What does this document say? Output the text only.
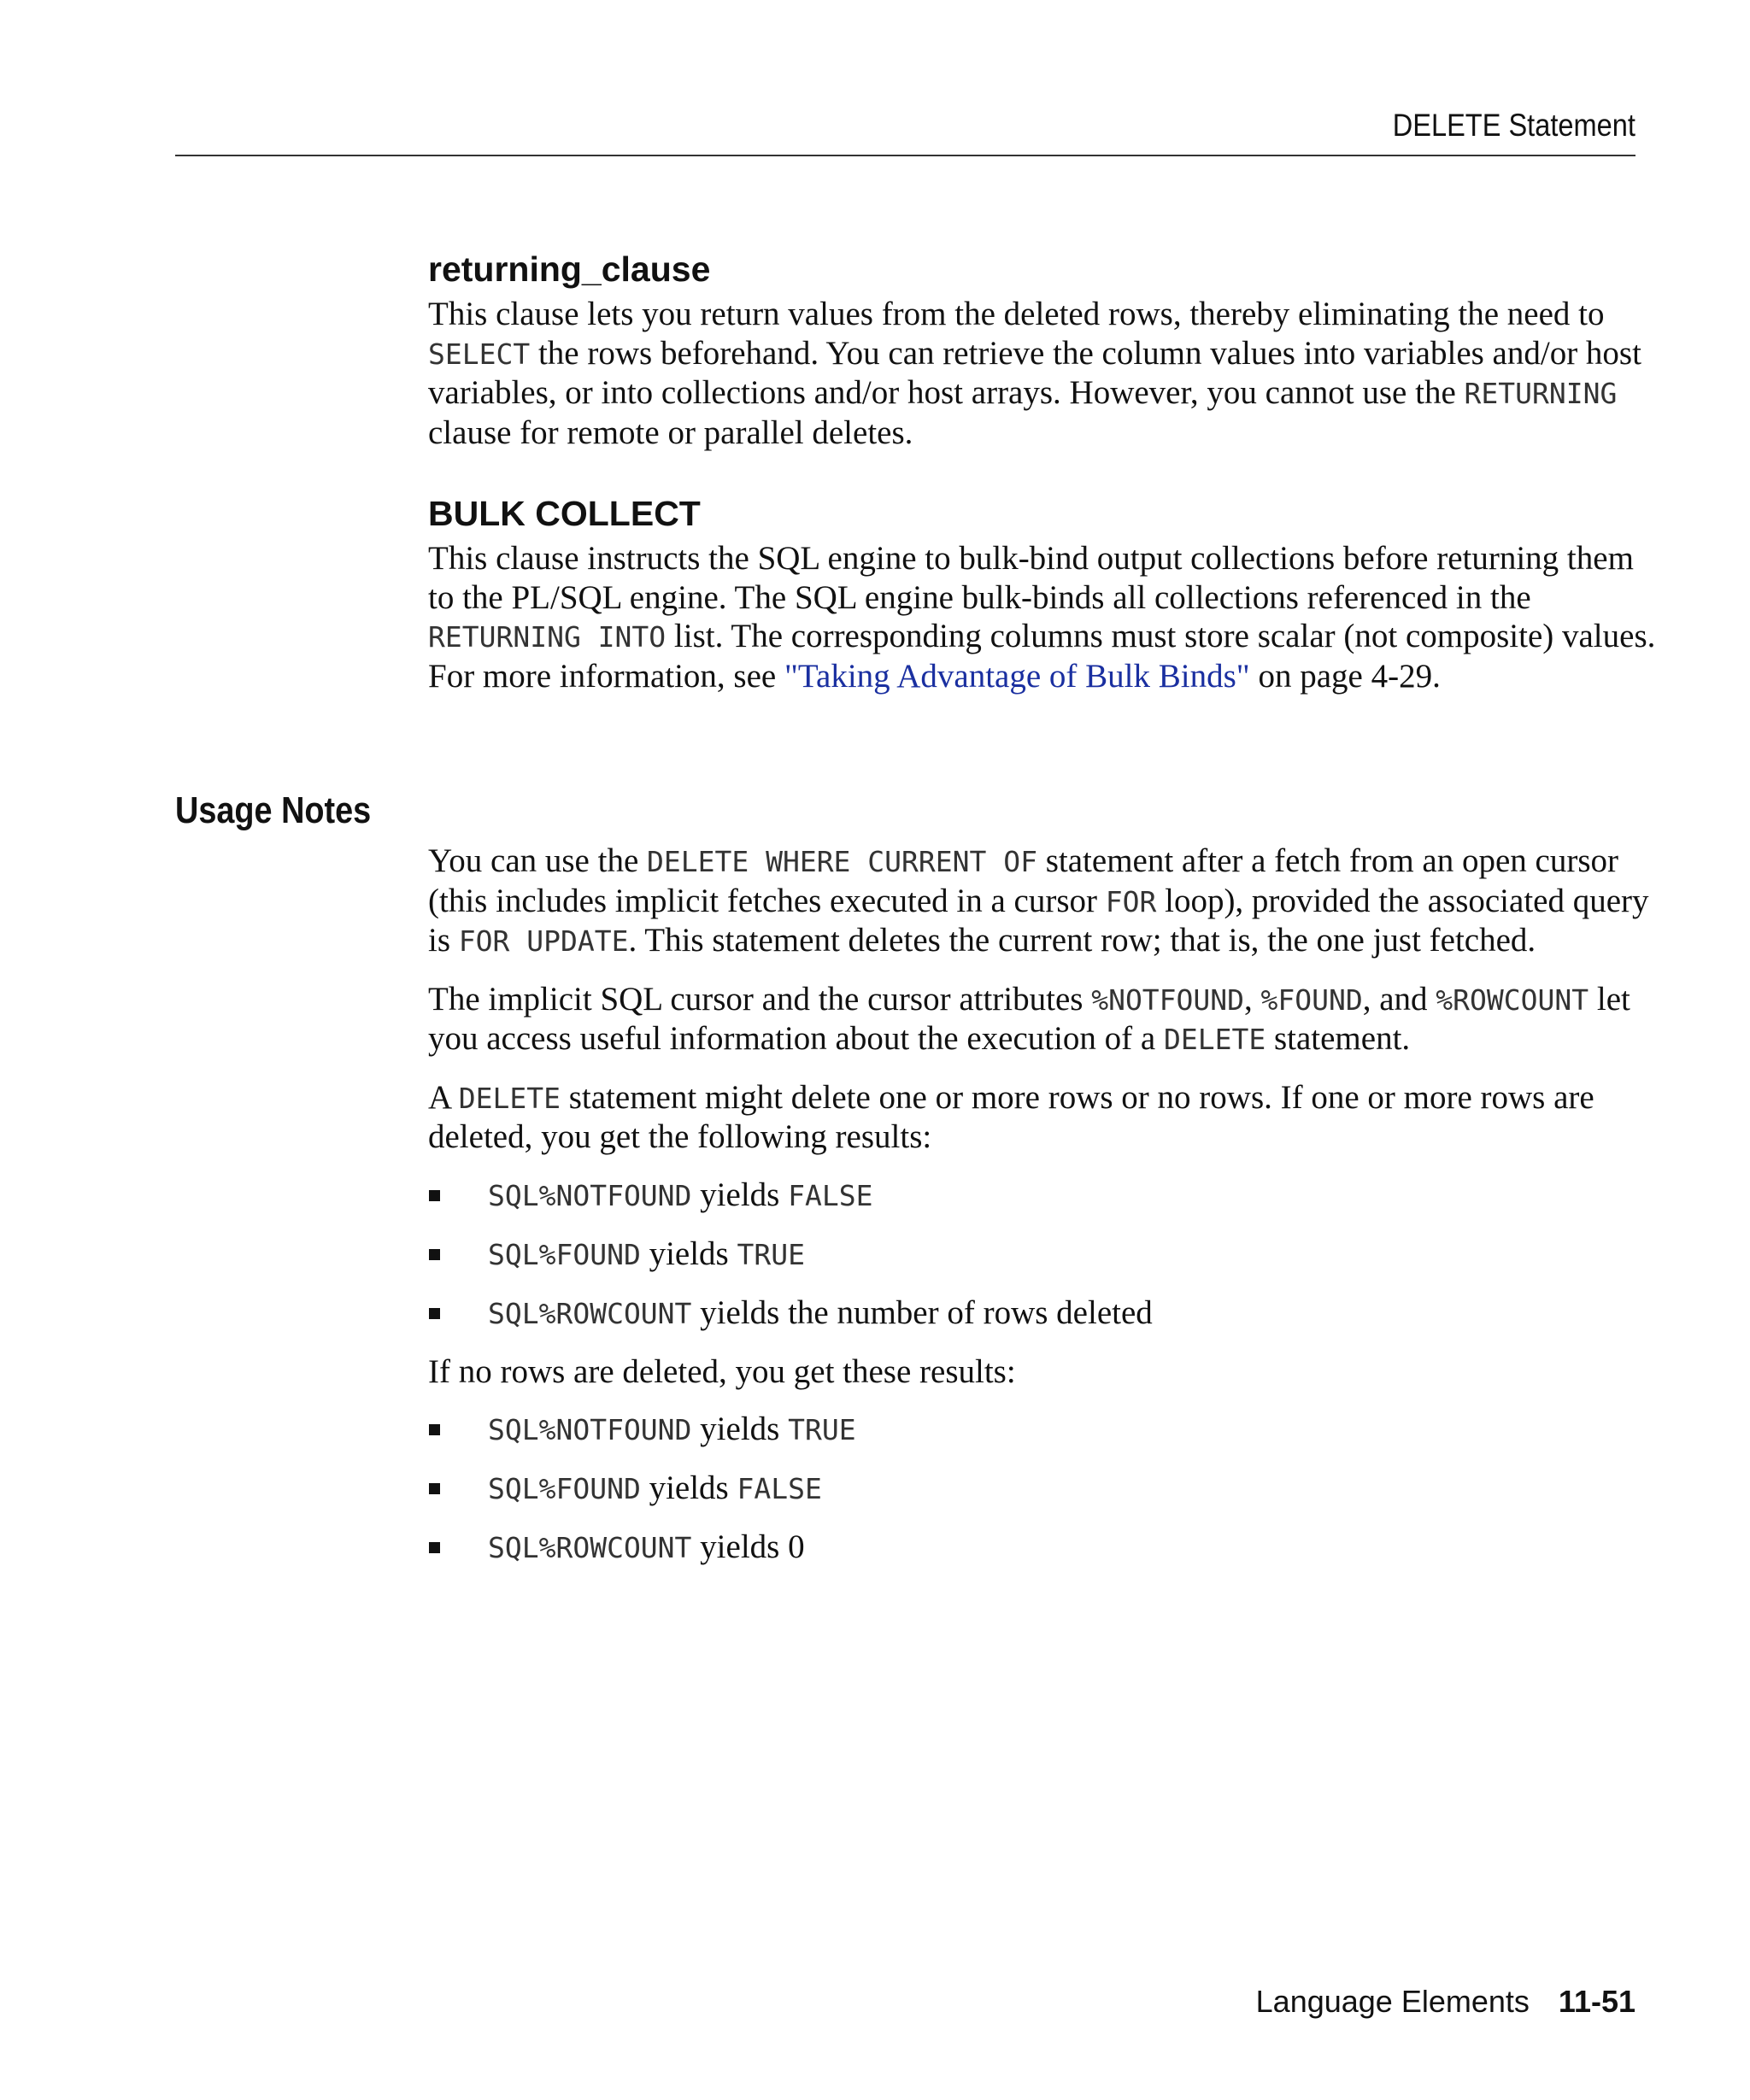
DELETE Statement
returning_clause

This clause lets you return values from the deleted rows, thereby eliminating the need to SELECT the rows beforehand. You can retrieve the column values into variables and/or host variables, or into collections and/or host arrays. However, you cannot use the RETURNING clause for remote or parallel deletes.

BULK COLLECT

This clause instructs the SQL engine to bulk-bind output collections before returning them to the PL/SQL engine. The SQL engine bulk-binds all collections referenced in the RETURNING INTO list. The corresponding columns must store scalar (not composite) values. For more information, see "Taking Advantage of Bulk Binds" on page 4-29.

Usage Notes

You can use the DELETE WHERE CURRENT OF statement after a fetch from an open cursor (this includes implicit fetches executed in a cursor FOR loop), provided the associated query is FOR UPDATE. This statement deletes the current row; that is, the one just fetched.

The implicit SQL cursor and the cursor attributes %NOTFOUND, %FOUND, and %ROWCOUNT let you access useful information about the execution of a DELETE statement.

A DELETE statement might delete one or more rows or no rows. If one or more rows are deleted, you get the following results:

SQL%NOTFOUND yields FALSE
SQL%FOUND yields TRUE
SQL%ROWCOUNT yields the number of rows deleted

If no rows are deleted, you get these results:

SQL%NOTFOUND yields TRUE
SQL%FOUND yields FALSE
SQL%ROWCOUNT yields 0
Language Elements 11-51
